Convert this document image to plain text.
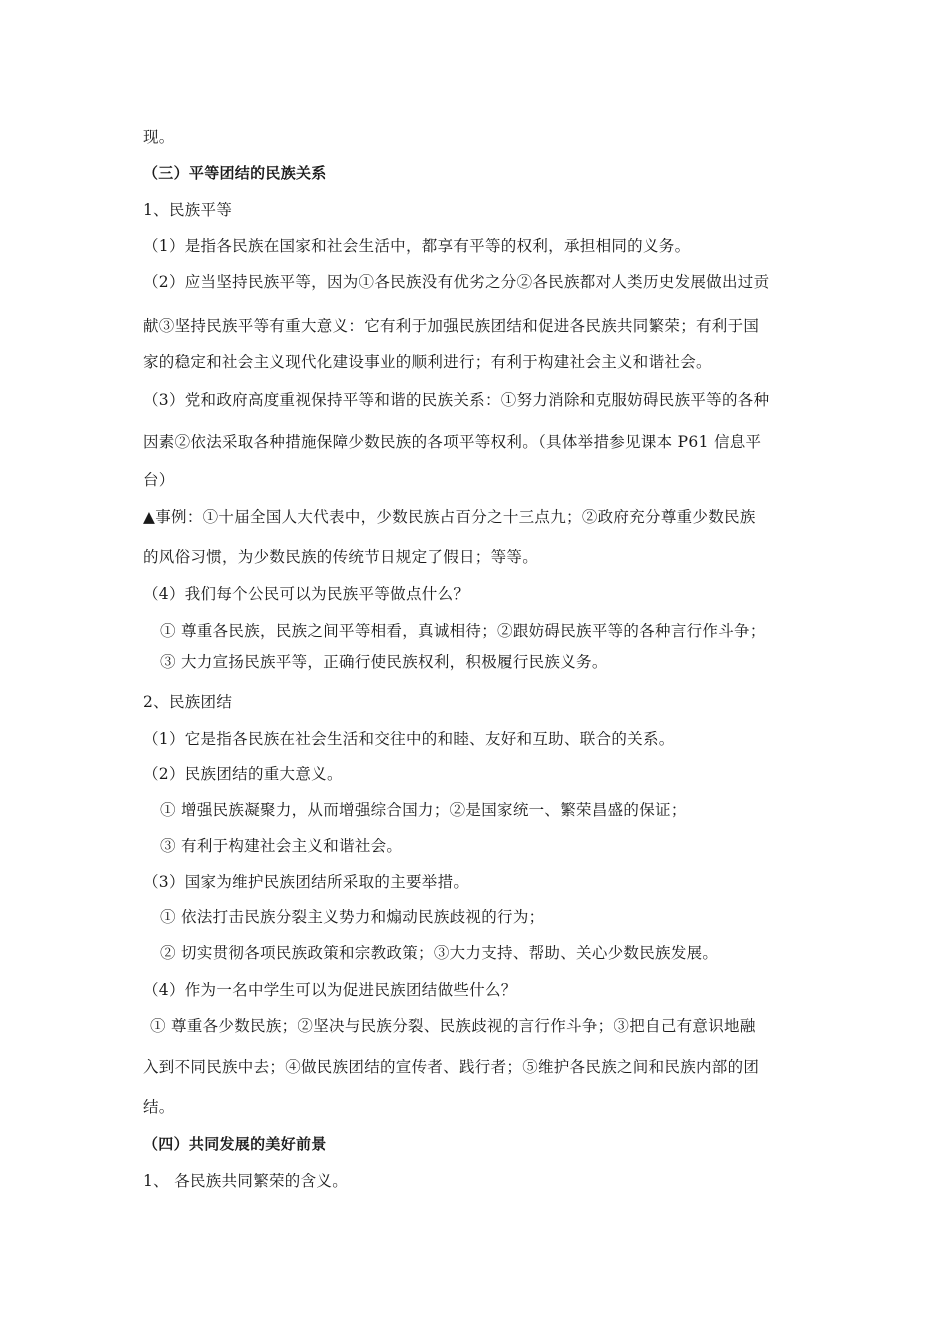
现。
（三）平等团结的民族关系
1、民族平等
（1）是指各民族在国家和社会生活中，都享有平等的权利，承担相同的义务。
（2）应当坚持民族平等，因为①各民族没有优劣之分②各民族都对人类历史发展做出过贡
献③坚持民族平等有重大意义：它有利于加强民族团结和促进各民族共同繁荣；有利于国
家的稳定和社会主义现代化建设事业的顺利进行；有利于构建社会主义和谐社会。
（3）党和政府高度重视保持平等和谐的民族关系：①努力消除和克服妨碍民族平等的各种
因素②依法采取各种措施保障少数民族的各项平等权利。（具体举措参见课本 P61 信息平
台）
▲事例：①十届全国人大代表中，少数民族占百分之十三点九；②政府充分尊重少数民族
的风俗习惯，为少数民族的传统节日规定了假日；等等。
（4）我们每个公民可以为民族平等做点什么？
① 尊重各民族，民族之间平等相看，真诚相待；②跟妨碍民族平等的各种言行作斗争；
③ 大力宣扬民族平等，正确行使民族权利，积极履行民族义务。
2、民族团结
（1）它是指各民族在社会生活和交往中的和睦、友好和互助、联合的关系。
（2）民族团结的重大意义。
① 增强民族凝聚力，从而增强综合国力；②是国家统一、繁荣昌盛的保证；
③ 有利于构建社会主义和谐社会。
（3）国家为维护民族团结所采取的主要举措。
① 依法打击民族分裂主义势力和煽动民族歧视的行为；
② 切实贯彻各项民族政策和宗教政策；③大力支持、帮助、关心少数民族发展。
（4）作为一名中学生可以为促进民族团结做些什么？
① 尊重各少数民族；②坚决与民族分裂、民族歧视的言行作斗争；③把自己有意识地融
入到不同民族中去；④做民族团结的宣传者、践行者；⑤维护各民族之间和民族内部的团
结。
（四）共同发展的美好前景
1、 各民族共同繁荣的含义。
